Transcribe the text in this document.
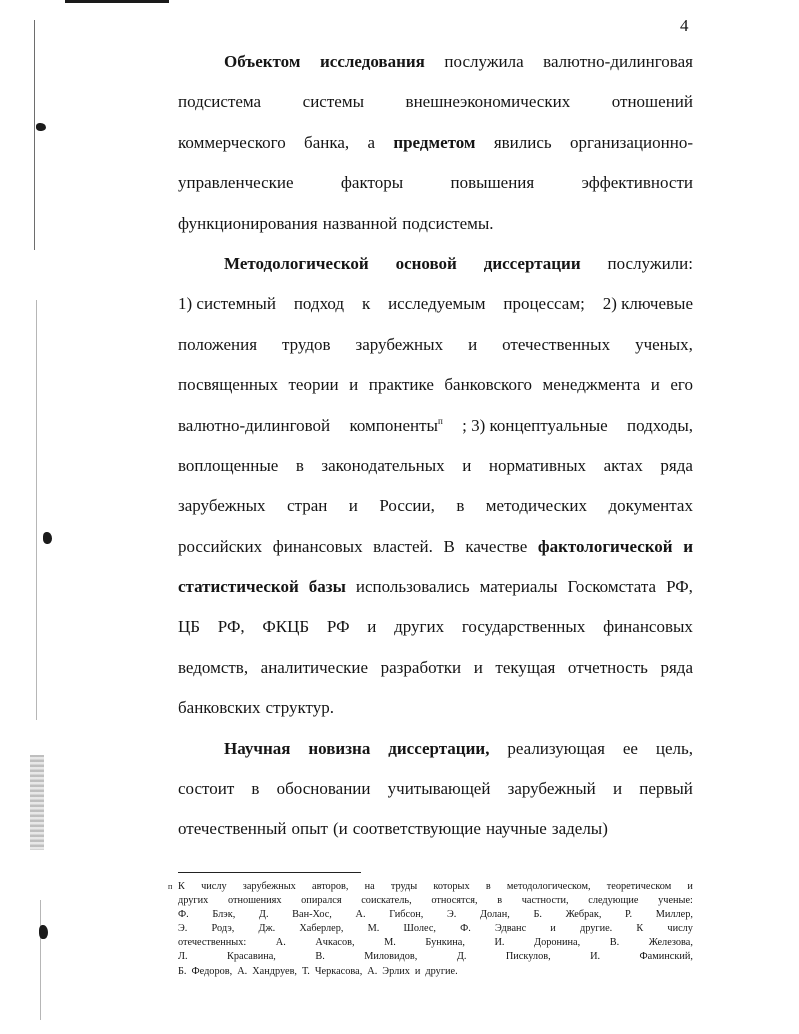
4
Объектом исследования послужила валютно-дилинговая
подсистема системы внешнеэкономических отношений
коммерческого банка, а предметом явились организационно-
управленческие	факторы	повышения	эффективности
функционирования названной подсистемы.
Методологической основой диссертации послужили:
1) системный подход к исследуемым процессам; 2) ключевые
положения трудов зарубежных и отечественных ученых,
посвященных теории и практике банковского менеджмента и его
валютно-дилинговой компоненты$^п$ ; 3) концептуальные подходы,
воплощенные в законодательных и нормативных актах ряда
зарубежных стран и России, в методических документах
российских финансовых властей. В качестве фактологической и
статистической базы использовались материалы Госкомстата РФ,
ЦБ РФ, ФКЦБ РФ и других государственных финансовых
ведомств, аналитические разработки и текущая отчетность ряда
банковских структур.
Научная новизна диссертации, реализующая ее цель,
состоит в обосновании учитывающей зарубежный и первый
отечественный опыт (и соответствующие научные заделы)
п К числу зарубежных авторов, на труды которых в методологическом, теоретическом и
других отношениях опирался соискатель, относятся, в частности, следующие ученые:
Ф. Блэк, Д. Ван-Хос, А. Гибсон, Э. Долан, Б. Жебрак, Р. Миллер,
Э. Родэ, Дж. Хаберлер, М. Шолес, Ф. Эдванс и другие. К числу
отечественных:	А.	Ачкасов,	М.	Бункина,	И.	Доронина,	В.	Железова,
Л.	Красавина,	В.	Миловидов,	Д.	Пискулов,	И.	Фаминский,
Б. Федоров, А. Хандруев, Т. Черкасова, А. Эрлих и другие.
